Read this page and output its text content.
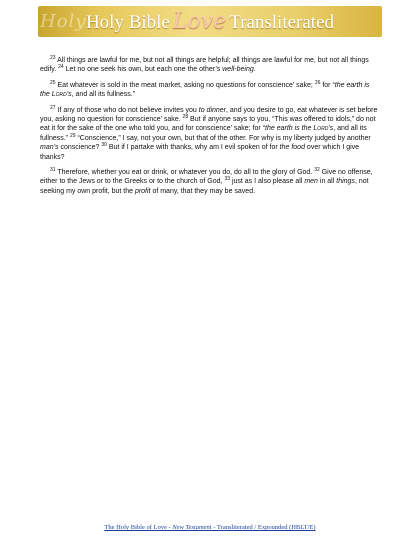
Holy Holy Bible Love Transliterated

$^{23}$ All things are lawful for me, but not all things are helpful; all things are lawful for me, but not all things edify. $^{24}$ Let no one seek his own, but each one the other’s well-being.

$^{25}$ Eat whatever is sold in the meat market, asking no questions for conscience’ sake; $^{26}$ for “the earth is the Lord’s, and all its fullness.”

$^{27}$ If any of those who do not believe invites you to dinner, and you desire to go, eat whatever is set before you, asking no question for conscience’ sake. $^{28}$ But if anyone says to you, “This was offered to idols,” do not eat it for the sake of the one who told you, and for conscience’ sake; for “the earth is the Lord’s, and all its fullness.” $^{29}$ “Conscience,” I say, not your own, but that of the other. For why is my liberty judged by another man’s conscience? $^{30}$ But if I partake with thanks, why am I evil spoken of for the food over which I give thanks?

$^{31}$ Therefore, whether you eat or drink, or whatever you do, do all to the glory of God. $^{32}$ Give no offense, either to the Jews or to the Greeks or to the church of God, $^{33}$ just as I also please all men in all things, not seeking my own profit, but the profit of many, that they may be saved.

The Holy Bible of Love - New Testament - Transliterated / Expounded (HBLT/E)
